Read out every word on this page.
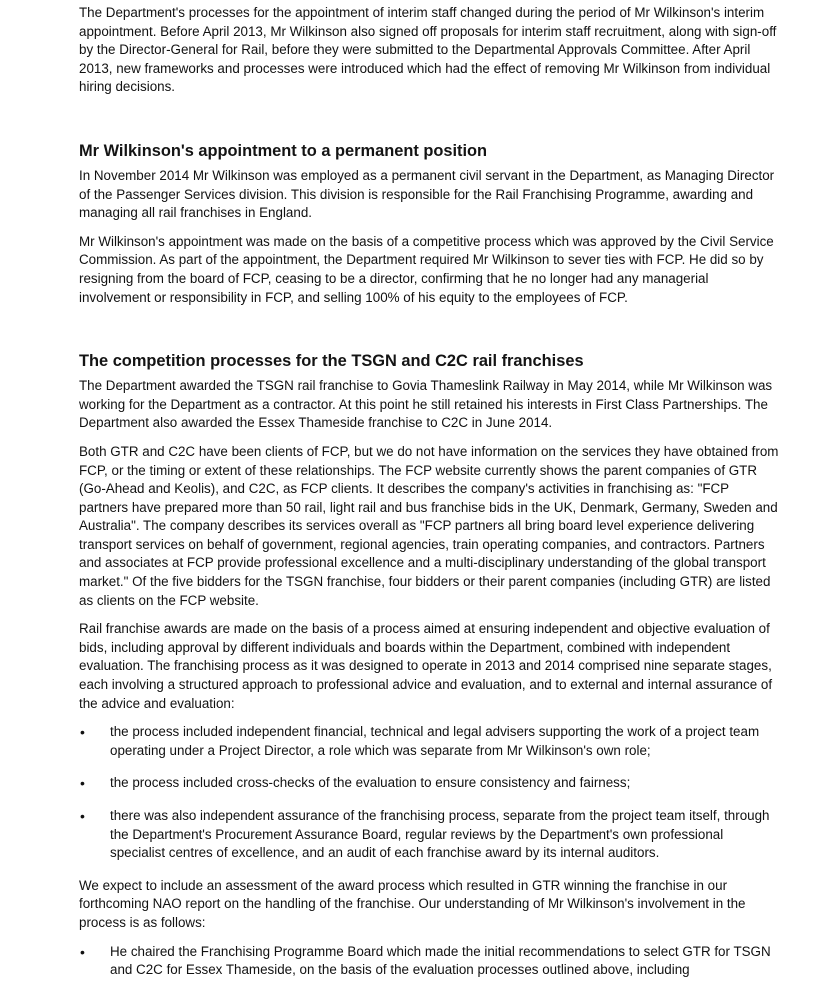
The Department's processes for the appointment of interim staff changed during the period of Mr Wilkinson's interim appointment. Before April 2013, Mr Wilkinson also signed off proposals for interim staff recruitment, along with sign-off by the Director-General for Rail, before they were submitted to the Departmental Approvals Committee. After April 2013, new frameworks and processes were introduced which had the effect of removing Mr Wilkinson from individual hiring decisions.

Mr Wilkinson's appointment to a permanent position

In November 2014 Mr Wilkinson was employed as a permanent civil servant in the Department, as Managing Director of the Passenger Services division. This division is responsible for the Rail Franchising Programme, awarding and managing all rail franchises in England.

Mr Wilkinson's appointment was made on the basis of a competitive process which was approved by the Civil Service Commission. As part of the appointment, the Department required Mr Wilkinson to sever ties with FCP. He did so by resigning from the board of FCP, ceasing to be a director, confirming that he no longer had any managerial involvement or responsibility in FCP, and selling 100% of his equity to the employees of FCP.

The competition processes for the TSGN and C2C rail franchises

The Department awarded the TSGN rail franchise to Govia Thameslink Railway in May 2014, while Mr Wilkinson was working for the Department as a contractor. At this point he still retained his interests in First Class Partnerships. The Department also awarded the Essex Thameside franchise to C2C in June 2014.

Both GTR and C2C have been clients of FCP, but we do not have information on the services they have obtained from FCP, or the timing or extent of these relationships. The FCP website currently shows the parent companies of GTR (Go-Ahead and Keolis), and C2C, as FCP clients. It describes the company's activities in franchising as: "FCP partners have prepared more than 50 rail, light rail and bus franchise bids in the UK, Denmark, Germany, Sweden and Australia". The company describes its services overall as "FCP partners all bring board level experience delivering transport services on behalf of government, regional agencies, train operating companies, and contractors. Partners and associates at FCP provide professional excellence and a multi-disciplinary understanding of the global transport market." Of the five bidders for the TSGN franchise, four bidders or their parent companies (including GTR) are listed as clients on the FCP website.

Rail franchise awards are made on the basis of a process aimed at ensuring independent and objective evaluation of bids, including approval by different individuals and boards within the Department, combined with independent evaluation. The franchising process as it was designed to operate in 2013 and 2014 comprised nine separate stages, each involving a structured approach to professional advice and evaluation, and to external and internal assurance of the advice and evaluation:

• the process included independent financial, technical and legal advisers supporting the work of a project team operating under a Project Director, a role which was separate from Mr Wilkinson's own role;
• the process included cross-checks of the evaluation to ensure consistency and fairness;
• there was also independent assurance of the franchising process, separate from the project team itself, through the Department's Procurement Assurance Board, regular reviews by the Department's own professional specialist centres of excellence, and an audit of each franchise award by its internal auditors.

We expect to include an assessment of the award process which resulted in GTR winning the franchise in our forthcoming NAO report on the handling of the franchise. Our understanding of Mr Wilkinson's involvement in the process is as follows:

• He chaired the Franchising Programme Board which made the initial recommendations to select GTR for TSGN and C2C for Essex Thameside, on the basis of the evaluation processes outlined above, including
